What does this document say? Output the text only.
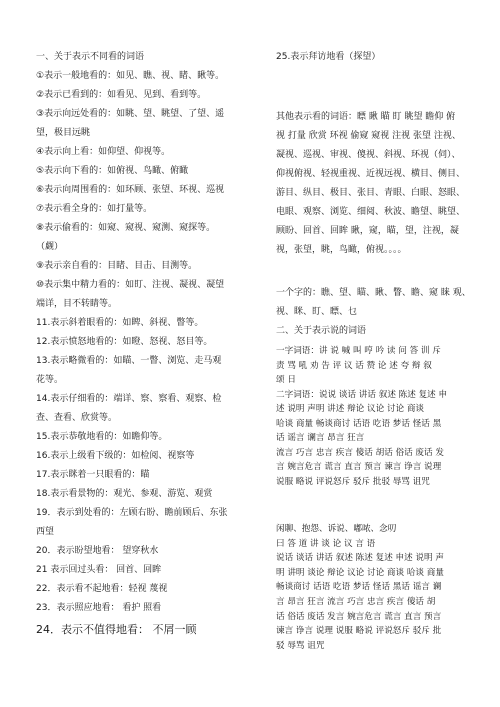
一、关于表示不同看的词语
①表示一般地看的：如见、瞧、视、睹、瞅等。
②表示已看到的：如看见、见到、看到等。
③表示向远处看的：如眺、望、眺望、了望、遥
望，极目远眺
④表示向上看：如仰望、仰视等。
⑤表示向下看的：如俯视、鸟瞰、俯瞰
⑥表示向周围看的：如环顾、张望、环视、巡视
⑦表示看全身的：如打量等。
⑧表示偷看的：如窥、窥视、窥测、窥探等。
（觑）
⑨表示亲自看的：目睹、目击、目测等。
⑩表示集中精力看的：如盯、注视、凝视、凝望
端详，目不转睛等。
11.表示斜着眼看的：如睥、斜视、瞥等。
12.表示愤怒地看的：如瞪、怒视、怒目等。
13.表示略微看的：如瞄、一瞥、浏览、走马观
花等。
14.表示仔细看的：端详、察、察看、观察、检
查、查看、欣赏等。
15.表示恭敬地看的：如瞻仰等。
16.表示上级看下级的：如检阅、视察等
17.表示眯着一只眼看的：瞄
18.表示看景物的：观光、参观、游览、观赏
19．表示到处看的：左顾右盼、瞻前顾后、东张
西望
20．表示盼望地看： 望穿秋水
21 表示回过头看： 回首、回眸
22．表示看不起地看：轻视 蔑视
23．表示照应地看： 看护 照看
24．表示不值得地看： 不屑一顾
25.表示拜访地看（探望）
其他表示看的词语：瞟 瞅 瞄 盯 眺望 瞻仰 俯
视 打量 欣赏 环视 偷窥 窥视 注视 张望 注视、
凝视、巡视、审视、傻视、斜视、环视（伺）、
仰视俯视、轻视重视、近视远视、横目、侧目、
游目、纵目、极目、张目、青眼、白眼、怒眼、
电眼、观察、浏览、细阅、秋波、瞻望、眺望、
顾盼、回首、回眸 瞅，窥，瞄，望，注视，凝
视，张望，眺，鸟瞰，俯视。。。。
一个字的：瞧、望、瞄、瞅、瞥、瞻、窥 睐 观、
视、眯、盯、瞟、乜
二、关于表示说的词语
一字词语：讲 说 喊 叫 哼 吟 读 问 答 训 斥
责 骂 吼 劝 告 评 议 话 赞 论 述 夸 辩 叙
颂 日
二字词语：说说 谈话 讲话 叙述 陈述 复述 申
述 说明 声明 讲述 辩论 议论 讨论 商谈
哈谈 商量 畅谈商讨 话语 吃语 梦话 怪话 黑
话 谣言 谰言 昂言 狂言
流言 巧言 忠言 疾言 傻话 胡话 俗话 废话 发
言 婉言危言 谎言 直言 预言 谏言 诤言 说理
说服 略说 评说怒斥 驳斥 批驳 辱骂 诅咒
闲聊、抱怨、诉说、嘟哝、念叨
曰 答 道 讲 谈 论 议 言 语
说话 谈话 讲话 叙述 陈述 复述 申述 说明 声
明 讲明 谈论 辩论 议论 讨论 商谈 哈谈 商量
畅谈商讨 话语 吃语 梦话 怪话 黑话 谣言 谰
言 昂言 狂言 流言 巧言 忠言 疾言 傻话 胡
话 俗话 废话 发言 婉言危言 谎言 直言 预言
谏言 诤言 说理 说服 略说 评说怒斥 驳斥 批
驳 辱骂 诅咒
